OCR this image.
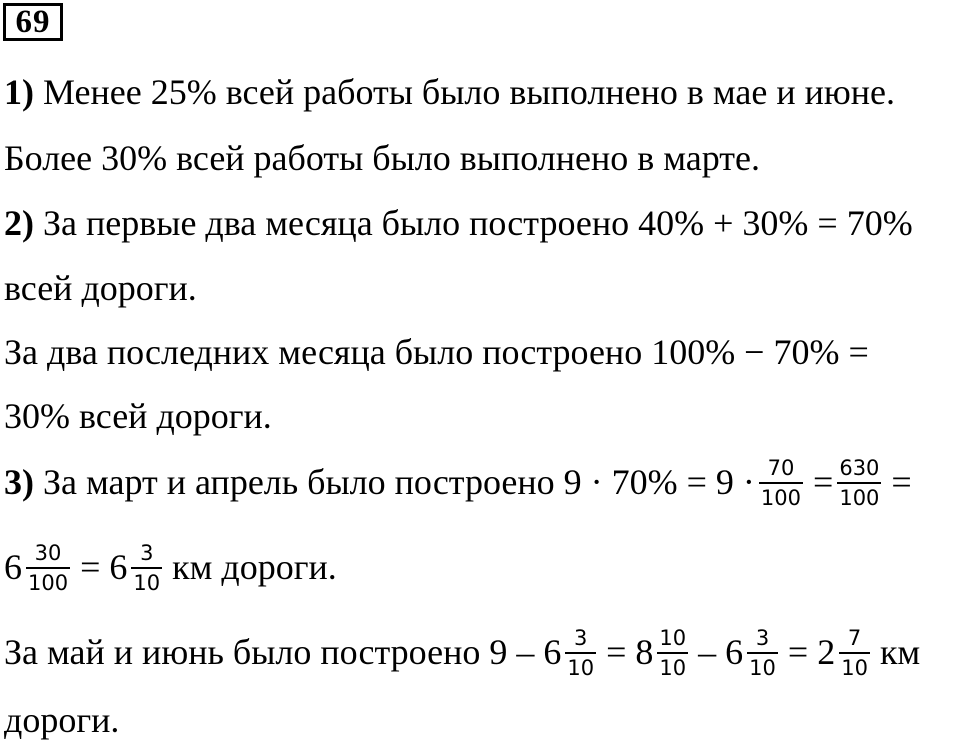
69
1) Менее 25% всей работы было выполнено в мае и июне.
Более 30% всей работы было выполнено в марте.
2) За первые два месяца было построено 40% + 30% = 70%
всей дороги.
За два последних месяца было построено 100% − 70% =
30% всей дороги.
3) За март и апрель было построено $9 \cdot 70\% = 9 \cdot \frac{70}{100} = \frac{630}{100}$ =
$6 \frac{30}{100} = 6 \frac{3}{10}$ км дороги.
За май и июнь было построено $9 - 6 \frac{3}{10} = 8 \frac{10}{10} - 6 \frac{3}{10} = 2 \frac{7}{10}$ км
дороги.
